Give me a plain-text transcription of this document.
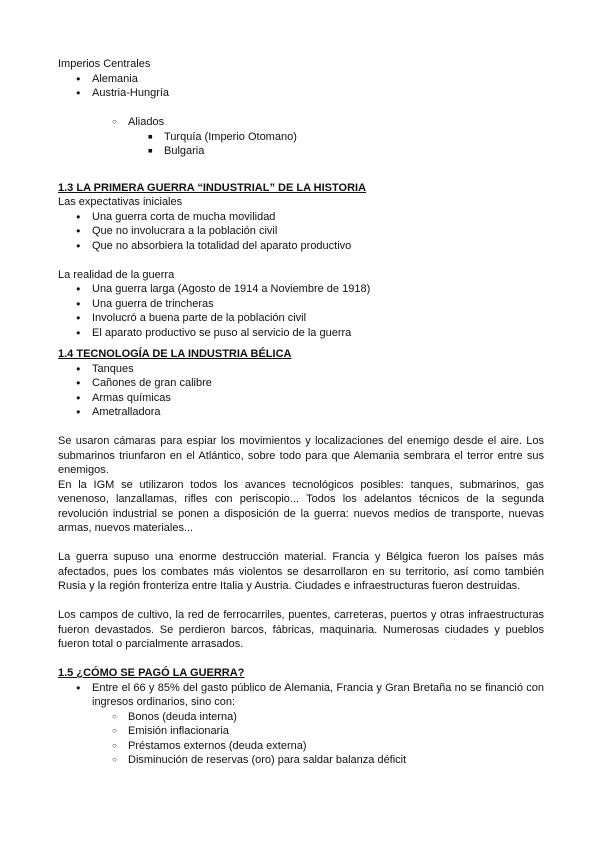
Imperios Centrales

● Alemania
● Austria-Hungría
○ Aliados
■ Turquía (Imperio Otomano)
■ Bulgaria

1.3 LA PRIMERA GUERRA “INDUSTRIAL” DE LA HISTORIA

Las expectativas iniciales

● Una guerra corta de mucha movilidad
● Que no involucrara a la población civil
● Que no absorbiera la totalidad del aparato productivo

La realidad de la guerra

● Una guerra larga (Agosto de 1914 a Noviembre de 1918)
● Una guerra de trincheras
● Involucró a buena parte de la población civil
● El aparato productivo se puso al servicio de la guerra

1.4 TECNOLOGÍA DE LA INDUSTRIA BÉLICA

● Tanques
● Cañones de gran calibre
● Armas químicas
● Ametralladora

Se usaron cámaras para espiar los movimientos y localizaciones del enemigo desde el aire. Los submarinos triunfaron en el Atlántico, sobre todo para que Alemania sembrara el terror entre sus enemigos.

En la IGM se utilizaron todos los avances tecnológicos posibles: tanques, submarinos, gas venenoso, lanzallamas, rifles con periscopio... Todos los adelantos técnicos de la segunda revolución industrial se ponen a disposición de la guerra: nuevos medios de transporte, nuevas armas, nuevos materiales...

La guerra supuso una enorme destrucción material. Francia y Bélgica fueron los países más afectados, pues los combates más violentos se desarrollaron en su territorio, así como también Rusia y la región fronteriza entre Italia y Austria. Ciudades e infraestructuras fueron destruidas.

Los campos de cultivo, la red de ferrocarriles, puentes, carreteras, puertos y otras infraestructuras fueron devastados. Se perdieron barcos, fábricas, maquinaria. Numerosas ciudades y pueblos fueron total o parcialmente arrasados.

1.5 ¿CÓMO SE PAGÓ LA GUERRA?

● Entre el 66 y 85% del gasto público de Alemania, Francia y Gran Bretaña no se financió con ingresos ordinarios, sino con:
○ Bonos (deuda interna)
○ Emisión inflacionaria
○ Préstamos externos (deuda externa)
○ Disminución de reservas (oro) para saldar balanza déficit
